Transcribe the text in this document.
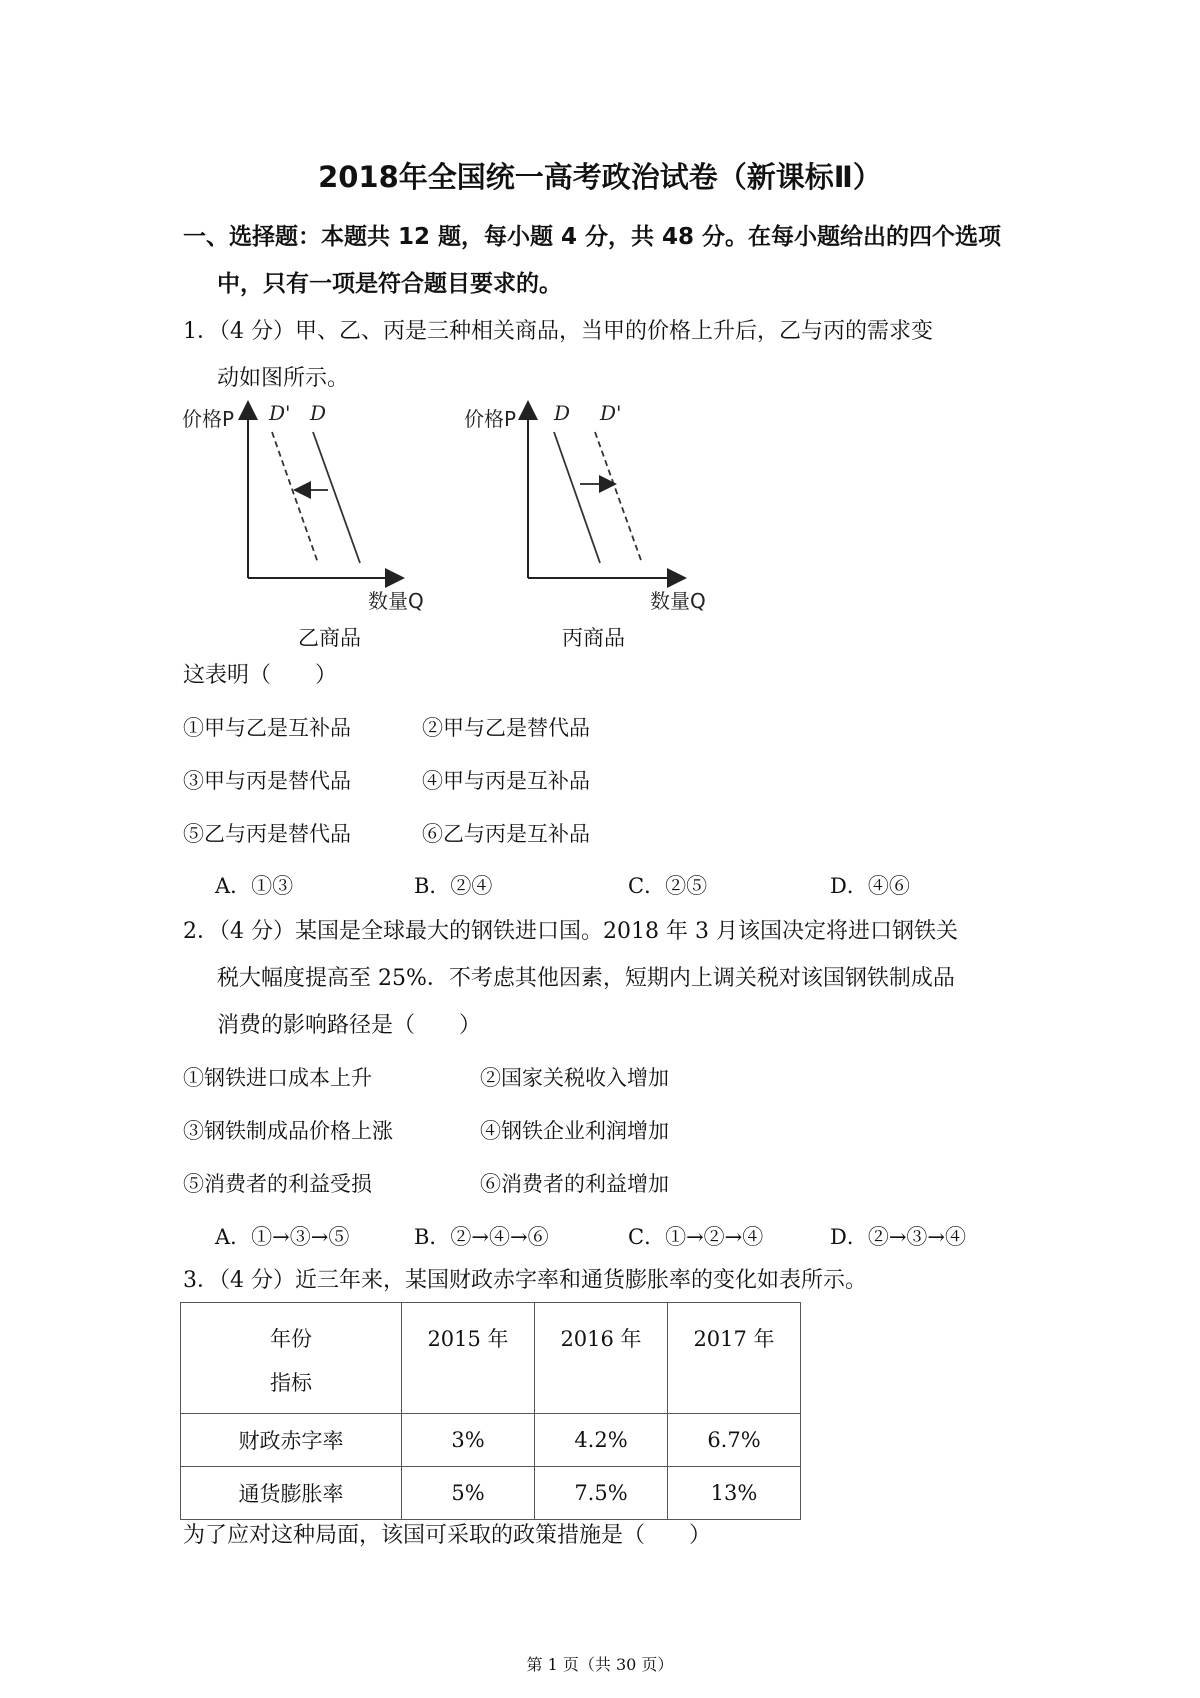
2018年全国统一高考政治试卷（新课标Ⅱ）
一、选择题：本题共 12 题，每小题 4 分，共 48 分。在每小题给出的四个选项
中，只有一项是符合题目要求的。
1．（4 分）甲、乙、丙是三种相关商品，当甲的价格上升后，乙与丙的需求变
动如图所示。
价格P D' D
数量Q
乙商品
价格P D D'
数量Q
丙商品
这表明（　　）
①甲与乙是互补品	②甲与乙是替代品
③甲与丙是替代品	④甲与丙是互补品
⑤乙与丙是替代品	⑥乙与丙是互补品
A．①③	B．②④	C．②⑤	D．④⑥
2．（4 分）某国是全球最大的钢铁进口国。2018 年 3 月该国决定将进口钢铁关
税大幅度提高至 25%．不考虑其他因素，短期内上调关税对该国钢铁制成品
消费的影响路径是（　　）
①钢铁进口成本上升	②国家关税收入增加
③钢铁制成品价格上涨	④钢铁企业利润增加
⑤消费者的利益受损	⑥消费者的利益增加
A．①→③→⑤	B．②→④→⑥	C．①→②→④	D．②→③→④
3．（4 分）近三年来，某国财政赤字率和通货膨胀率的变化如表所示。
年份
指标	2015 年	2016 年	2017 年
财政赤字率	3%	4.2%	6.7%
通货膨胀率	5%	7.5%	13%
为了应对这种局面，该国可采取的政策措施是（　　）
第 1 页（共 30 页）
